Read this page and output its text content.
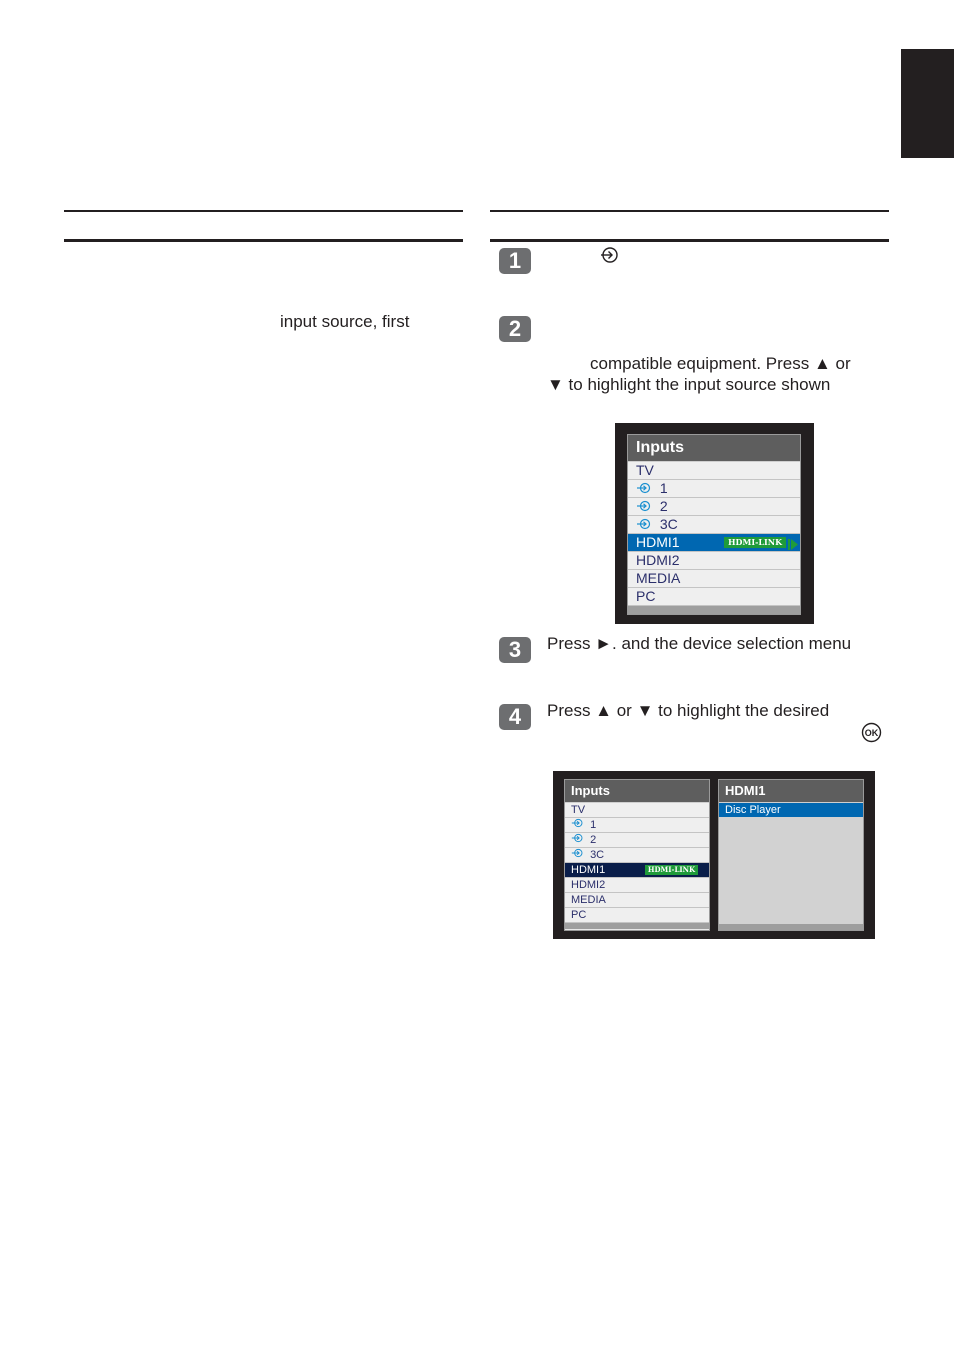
input source, first
1
2
compatible equipment. Press ▲ or
▼ to highlight the input source shown
Inputs
TV
1
2
3C
HDMI1	HDMI-LINK
HDMI2
MEDIA
PC
3	Press ►. and the device selection menu
4	Press ▲ or ▼ to highlight the desired
OK
Inputs
TV
1
2
3C
HDMI1	HDMI-LINK
HDMI2
MEDIA
PC
HDMI1
Disc Player
